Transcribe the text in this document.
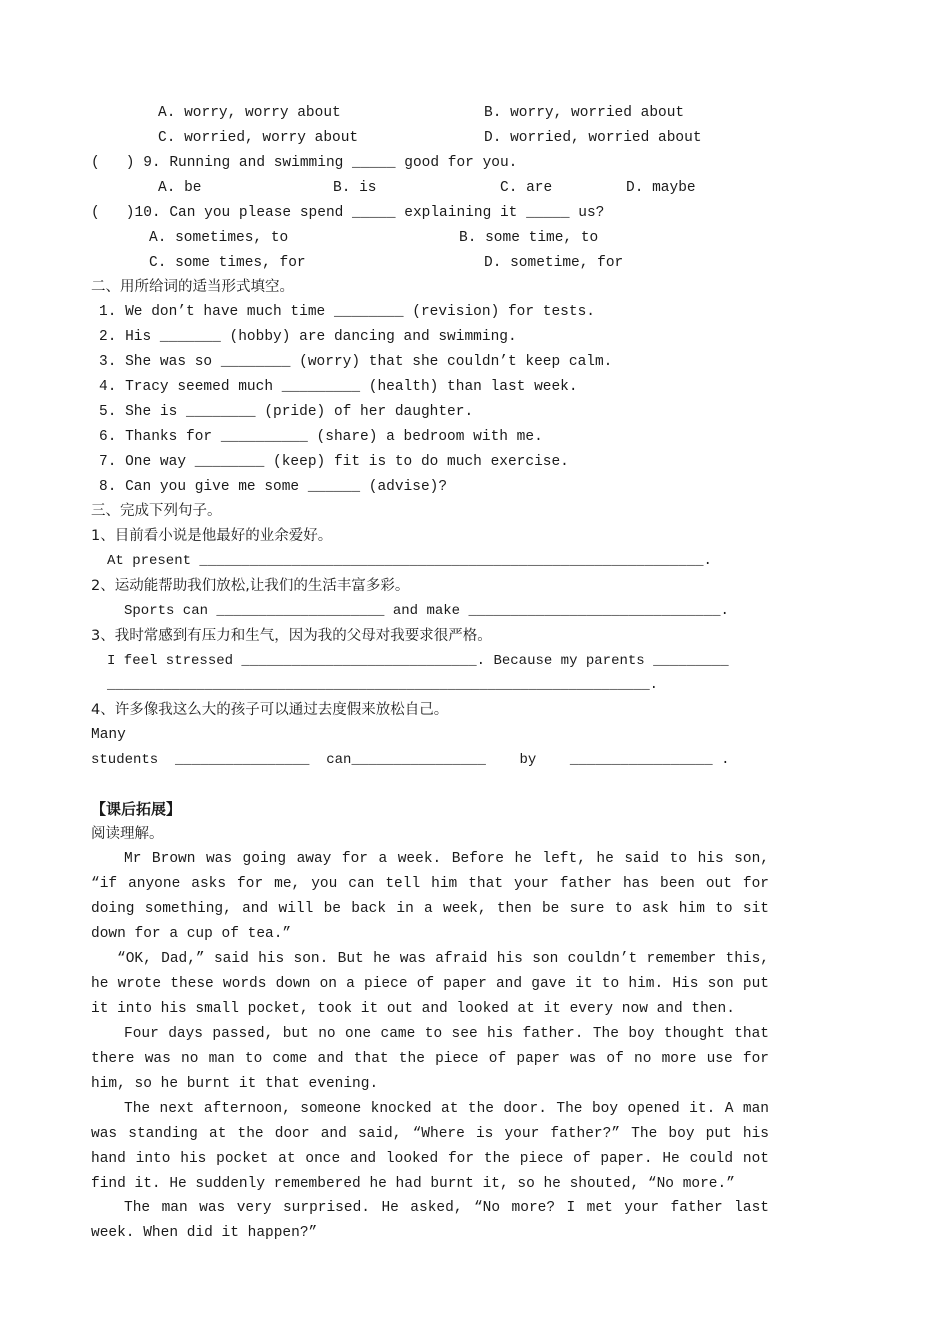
A. worry, worry about	B. worry, worried about
C. worried, worry about	D. worried, worried about
(   ) 9. Running and swimming _____ good for you.
A. be	B. is	C. are	D. maybe
(   )10. Can you please spend _____ explaining it _____ us?
A. sometimes, to	B. some time, to
C. some times, for	D. sometime, for
二、用所给词的适当形式填空。
1. We don’t have much time ________ (revision) for tests.
2. His _______ (hobby) are dancing and swimming.
3. She was so ________ (worry) that she couldn’t keep calm.
4. Tracy seemed much _________ (health) than last week.
5. She is ________ (pride) of her daughter.
6. Thanks for __________ (share) a bedroom with me.
7. One way ________ (keep) fit is to do much exercise.
8. Can you give me some ______ (advise)?
三、完成下列句子。
1、目前看小说是他最好的业余爱好。
At present ____________________________________________________________.
2、运动能帮助我们放松,让我们的生活丰富多彩。
Sports can ____________________ and make ______________________________.
3、我时常感到有压力和生气，因为我的父母对我要求很严格。
I feel stressed ____________________________. Because my parents _________
___________________________________________________________________.
4、许多像我这么大的孩子可以通过去度假来放松自己。
Many
students  ________________  can________________    by    _________________ .
【课后拓展】
阅读理解。
Mr Brown was going away for a week. Before he left, he said to his son, “if anyone asks for me, you can tell him that your father has been out for doing something, and will be back in a week, then be sure to ask him to sit down for a cup of tea.”
“OK, Dad,” said his son. But he was afraid his son couldn’t remember this, he wrote these words down on a piece of paper and gave it to him. His son put it into his small pocket, took it out and looked at it every now and then.
Four days passed, but no one came to see his father. The boy thought that there was no man to come and that the piece of paper was of no more use for him, so he burnt it that evening.
The next afternoon, someone knocked at the door. The boy opened it. A man was standing at the door and said, “Where is your father?” The boy put his hand into his pocket at once and looked for the piece of paper. He could not find it. He suddenly remembered he had burnt it, so he shouted, “No more.”
The man was very surprised. He asked, “No more? I met your father last week. When did it happen?”
